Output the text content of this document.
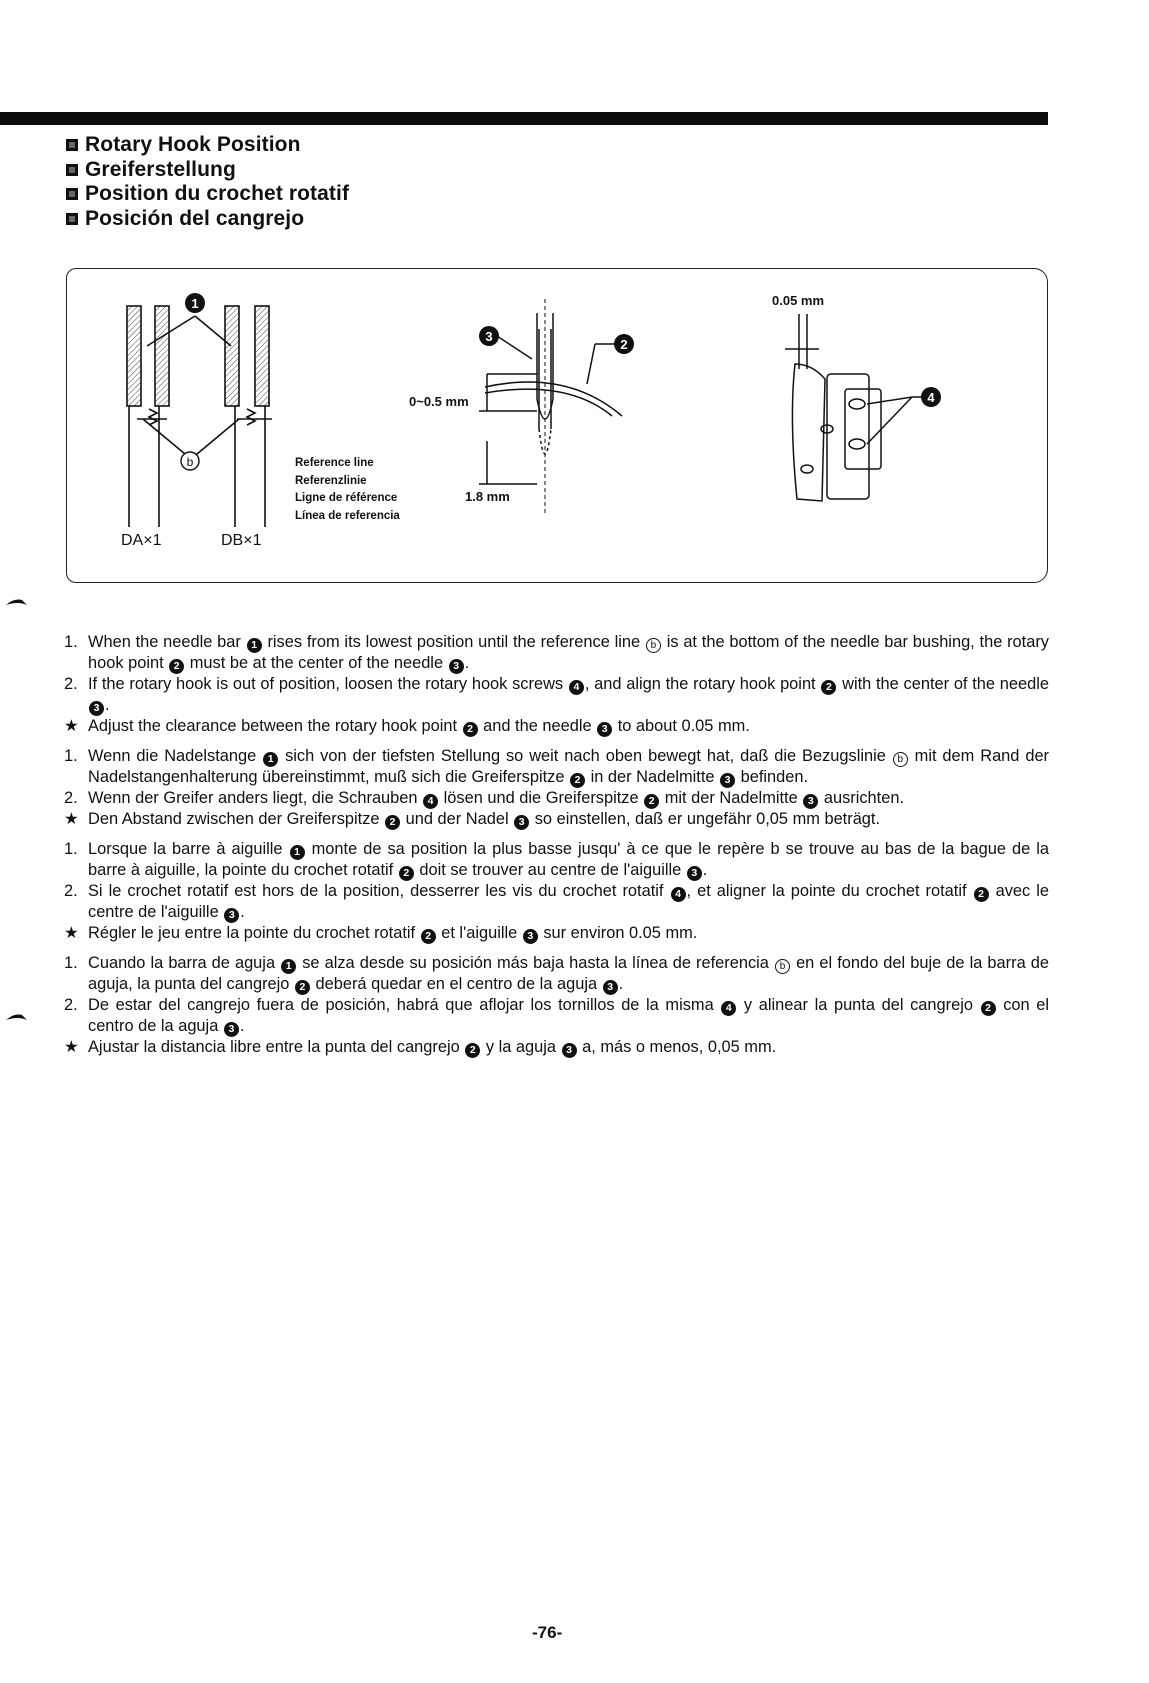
Rotary Hook Position
Greiferstellung
Position du crochet rotatif
Posición del cangrejo
1
b
3
2
4
Reference line
Referenzlinie
Ligne de référence
Línea de referencia
0~0.5 mm
1.8 mm
0.05 mm
DA×1	DB×1
1. When the needle bar 1 rises from its lowest position until the reference line b is at the bottom of the needle bar bushing, the rotary hook point 2 must be at the center of the needle 3 .
2. If the rotary hook is out of position, loosen the rotary hook screws 4 , and align the rotary hook point 2 with the center of the needle 3 .
★ Adjust the clearance between the rotary hook point 2 and the needle 3 to about 0.05 mm.
1. Wenn die Nadelstange 1 sich von der tiefsten Stellung so weit nach oben bewegt hat, daß die Bezugslinie b mit dem Rand der Nadelstangenhalterung übereinstimmt, muß sich die Greiferspitze 2 in der Nadelmitte 3 befinden.
2. Wenn der Greifer anders liegt, die Schrauben 4 lösen und die Greiferspitze 2 mit der Nadelmitte 3 ausrichten.
★ Den Abstand zwischen der Greiferspitze 2 und der Nadel 3 so einstellen, daß er ungefähr 0,05 mm beträgt.
1. Lorsque la barre à aiguille 1 monte de sa position la plus basse jusqu' à ce que le repère b se trouve au bas de la bague de la barre à aiguille, la pointe du crochet rotatif 2 doit se trouver au centre de l'aiguille 3 .
2. Si le crochet rotatif est hors de la position, desserrer les vis du crochet rotatif 4 , et aligner la pointe du crochet rotatif 2 avec le centre de l'aiguille 3 .
★ Régler le jeu entre la pointe du crochet rotatif 2 et l'aiguille 3 sur environ 0.05 mm.
1. Cuando la barra de aguja 1 se alza desde su posición más baja hasta la línea de referencia b en el fondo del buje de la barra de aguja, la punta del cangrejo 2 deberá quedar en el centro de la aguja 3 .
2. De estar del cangrejo fuera de posición, habrá que aflojar los tornillos de la misma 4 y alinear la punta del cangrejo 2 con el centro de la aguja 3 .
★ Ajustar la distancia libre entre la punta del cangrejo 2 y la aguja 3 a, más o menos, 0,05 mm.
-76-
